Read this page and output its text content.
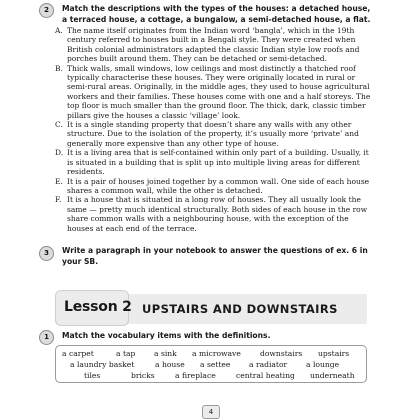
2	Match the descriptions with the types of the houses: a detached house, a terraced house, a cottage, a bungalow, a semi-detached house, a flat.

A. The name itself originates from the Indian word ‘bangla’, which in the 19th century referred to houses built in a Bengali style. They were created when British colonial administrators adapted the classic Indian style low roofs and porches built around them. They can be detached or semi-detached.
B. Thick walls, small windows, low ceilings and most distinctly a thatched roof typically characterise these houses. They were originally located in rural or semi-rural areas. Originally, in the middle ages, they used to house agricultural workers and their families. These houses come with one and a half storeys. The top floor is much smaller than the ground floor. The thick, dark, classic timber pillars give the houses a classic ‘village’ look.
C. It is a single standing property that doesn’t share any walls with any other structure. Due to the isolation of the property, it’s usually more ‘private’ and generally more expensive than any other type of house.
D. It is a living area that is self-contained within only part of a building. Usually, it is situated in a building that is split up into multiple living areas for different residents.
E. It is a pair of houses joined together by a common wall. One side of each house shares a common wall, while the other is detached.
F. It is a house that is situated in a long row of houses. They all usually look the same — pretty much identical structurally. Both sides of each house in the row share common walls with a neighbouring house, with the exception of the houses at each end of the terrace.
3	Write a paragraph in your notebook to answer the questions of ex. 6 in your SB.

Lesson 2 UPSTAIRS AND DOWNSTAIRS
1	Match the vocabulary items with the definitions.

a carpet	a tap a sink a microwave	downstairs upstairs
a laundry basket	a house a settee a radiator a lounge
tiles	bricks	a fireplace	central heating underneath
4
